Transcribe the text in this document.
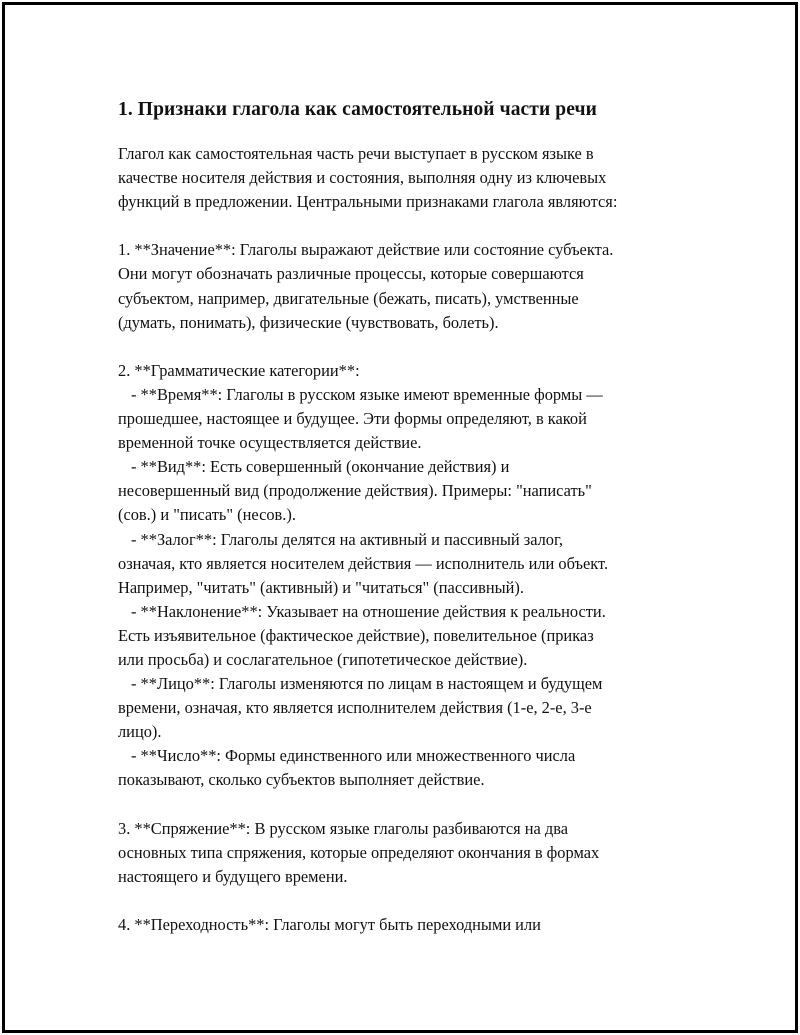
1. Признаки глагола как самостоятельной части речи

Глагол как самостоятельная часть речи выступает в русском языке в
качестве носителя действия и состояния, выполняя одну из ключевых
функций в предложении. Центральными признаками глагола являются:

1. **Значение**: Глаголы выражают действие или состояние субъекта.
Они могут обозначать различные процессы, которые совершаются
субъектом, например, двигательные (бежать, писать), умственные
(думать, понимать), физические (чувствовать, болеть).

2. **Грамматические категории**:
- **Время**: Глаголы в русском языке имеют временные формы —
прошедшее, настоящее и будущее. Эти формы определяют, в какой
временной точке осуществляется действие.
- **Вид**: Есть совершенный (окончание действия) и
несовершенный вид (продолжение действия). Примеры: "написать"
(сов.) и "писать" (несов.).
- **Залог**: Глаголы делятся на активный и пассивный залог,
означая, кто является носителем действия — исполнитель или объект.
Например, "читать" (активный) и "читаться" (пассивный).
- **Наклонение**: Указывает на отношение действия к реальности.
Есть изъявительное (фактическое действие), повелительное (приказ
или просьба) и сослагательное (гипотетическое действие).
- **Лицо**: Глаголы изменяются по лицам в настоящем и будущем
времени, означая, кто является исполнителем действия (1-е, 2-е, 3-е
лицо).
- **Число**: Формы единственного или множественного числа
показывают, сколько субъектов выполняет действие.

3. **Спряжение**: В русском языке глаголы разбиваются на два
основных типа спряжения, которые определяют окончания в формах
настоящего и будущего времени.

4. **Переходность**: Глаголы могут быть переходными или
